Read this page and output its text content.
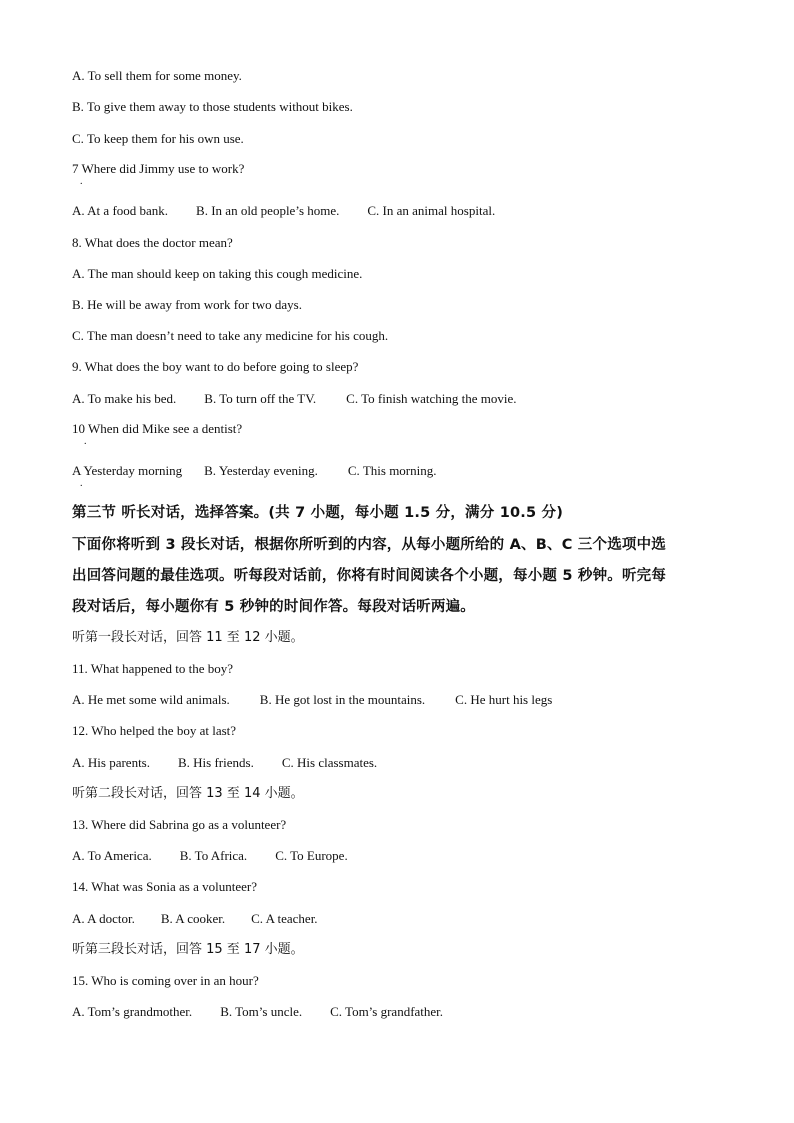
A. To sell them for some money.
B. To give them away to those students without bikes.
C. To keep them for his own use.
7 Where did Jimmy use to work?
.
A. At a food bank. B. In an old people’s home. C. In an animal hospital.
8. What does the doctor mean?
A. The man should keep on taking this cough medicine.
B. He will be away from work for two days.
C. The man doesn’t need to take any medicine for his cough.
9. What does the boy want to do before going to sleep?
A. To make his bed. B. To turn off the TV. C. To finish watching the movie.
10 When did Mike see a dentist?
.
A Yesterday morning B. Yesterday evening. C. This morning.
.
第三节 听长对话，选择答案。(共 7 小题，每小题 1.5 分，满分 10.5 分)
下面你将听到 3 段长对话，根据你所听到的内容，从每小题所给的 A、B、C 三个选项中选
出回答问题的最佳选项。听每段对话前，你将有时间阅读各个小题，每小题 5 秒钟。听完每
段对话后，每小题你有 5 秒钟的时间作答。每段对话听两遍。
听第一段长对话，回答 11 至 12 小题。
11. What happened to the boy?
A. He met some wild animals. B. He got lost in the mountains. C. He hurt his legs
12. Who helped the boy at last?
A. His parents. B. His friends. C. His classmates.
听第二段长对话，回答 13 至 14 小题。
13. Where did Sabrina go as a volunteer?
A. To America. B. To Africa. C. To Europe.
14. What was Sonia as a volunteer?
A. A doctor. B. A cooker. C. A teacher.
听第三段长对话，回答 15 至 17 小题。
15. Who is coming over in an hour?
A. Tom’s grandmother. B. Tom’s uncle. C. Tom’s grandfather.
